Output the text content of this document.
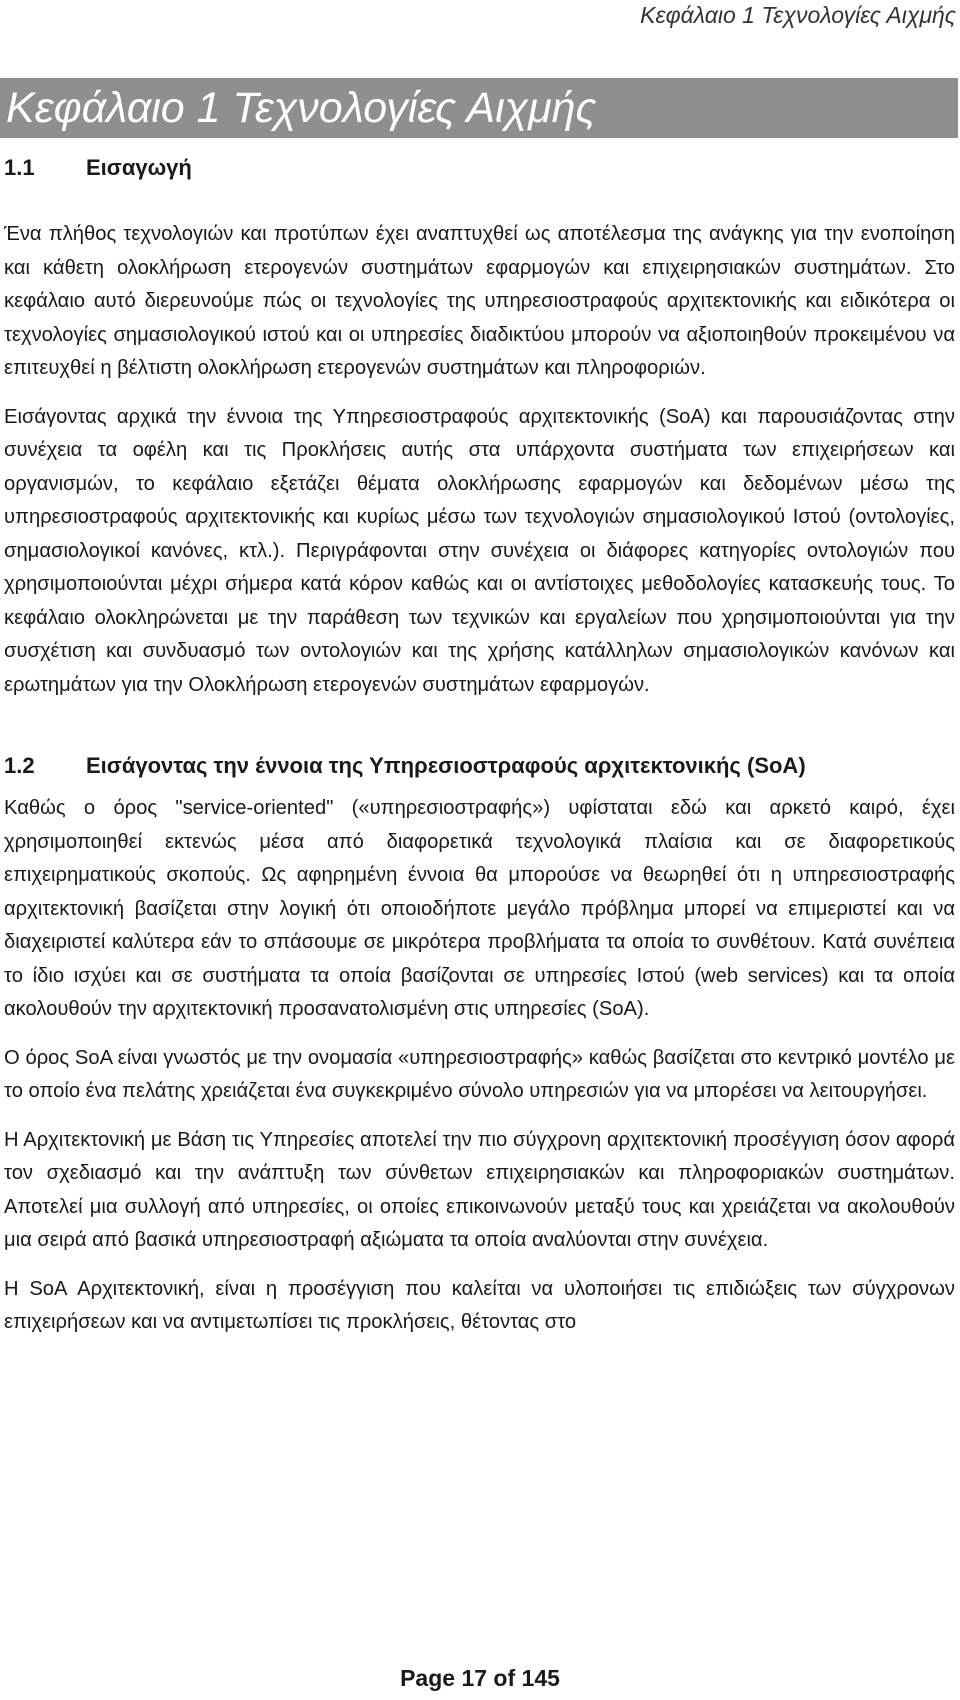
Κεφάλαιο 1 Τεχνολογίες Αιχμής
Κεφάλαιο 1 Τεχνολογίες Αιχμής
1.1 Εισαγωγή

Ένα πλήθος τεχνολογιών και προτύπων έχει αναπτυχθεί ως αποτέλεσμα της ανάγκης για την ενοποίηση και κάθετη ολοκλήρωση ετερογενών συστημάτων εφαρμογών και επιχειρησιακών συστημάτων. Στο κεφάλαιο αυτό διερευνούμε πώς οι τεχνολογίες της υπηρεσιοστραφούς αρχιτεκτονικής και ειδικότερα οι τεχνολογίες σημασιολογικού ιστού και οι υπηρεσίες διαδικτύου μπορούν να αξιοποιηθούν προκειμένου να επιτευχθεί η βέλτιστη ολοκλήρωση ετερογενών συστημάτων και πληροφοριών.

Εισάγοντας αρχικά την έννοια της Υπηρεσιοστραφούς αρχιτεκτονικής (SoA) και παρουσιάζοντας στην συνέχεια τα οφέλη και τις Προκλήσεις αυτής στα υπάρχοντα συστήματα των επιχειρήσεων και οργανισμών, το κεφάλαιο εξετάζει θέματα ολοκλήρωσης εφαρμογών και δεδομένων μέσω της υπηρεσιοστραφούς αρχιτεκτονικής και κυρίως μέσω των τεχνολογιών σημασιολογικού Ιστού (οντολογίες, σημασιολογικοί κανόνες, κτλ.). Περιγράφονται στην συνέχεια οι διάφορες κατηγορίες οντολογιών που χρησιμοποιούνται μέχρι σήμερα κατά κόρον καθώς και οι αντίστοιχες μεθοδολογίες κατασκευής τους. Το κεφάλαιο ολοκληρώνεται με την παράθεση των τεχνικών και εργαλείων που χρησιμοποιούνται για την συσχέτιση και συνδυασμό των οντολογιών και της χρήσης κατάλληλων σημασιολογικών κανόνων και ερωτημάτων για την Ολοκλήρωση ετερογενών συστημάτων εφαρμογών.

1.2 Εισάγοντας την έννοια της Υπηρεσιοστραφούς αρχιτεκτονικής (SoA)

Καθώς ο όρος "service-oriented" («υπηρεσιοστραφής») υφίσταται εδώ και αρκετό καιρό, έχει χρησιμοποιηθεί εκτενώς μέσα από διαφορετικά τεχνολογικά πλαίσια και σε διαφορετικούς επιχειρηματικούς σκοπούς. Ως αφηρημένη έννοια θα μπορούσε να θεωρηθεί ότι η υπηρεσιοστραφής αρχιτεκτονική βασίζεται στην λογική ότι οποιοδήποτε μεγάλο πρόβλημα μπορεί να επιμεριστεί και να διαχειριστεί καλύτερα εάν το σπάσουμε σε μικρότερα προβλήματα τα οποία το συνθέτουν. Κατά συνέπεια το ίδιο ισχύει και σε συστήματα τα οποία βασίζονται σε υπηρεσίες Ιστού (web services) και τα οποία ακολουθούν την αρχιτεκτονική προσανατολισμένη στις υπηρεσίες (SoA).

Ο όρος SoA είναι γνωστός με την ονομασία «υπηρεσιοστραφής» καθώς βασίζεται στο κεντρικό μοντέλο με το οποίο ένα πελάτης χρειάζεται ένα συγκεκριμένο σύνολο υπηρεσιών για να μπορέσει να λειτουργήσει.

Η Αρχιτεκτονική με Βάση τις Υπηρεσίες αποτελεί την πιο σύγχρονη αρχιτεκτονική προσέγγιση όσον αφορά τον σχεδιασμό και την ανάπτυξη των σύνθετων επιχειρησιακών και πληροφοριακών συστημάτων. Αποτελεί μια συλλογή από υπηρεσίες, οι οποίες επικοινωνούν μεταξύ τους και χρειάζεται να ακολουθούν μια σειρά από βασικά υπηρεσιοστραφή αξιώματα τα οποία αναλύονται στην συνέχεια.

Η SoA Αρχιτεκτονική, είναι η προσέγγιση που καλείται να υλοποιήσει τις επιδιώξεις των σύγχρονων επιχειρήσεων και να αντιμετωπίσει τις προκλήσεις, θέτοντας στο

Page 17 of 145
